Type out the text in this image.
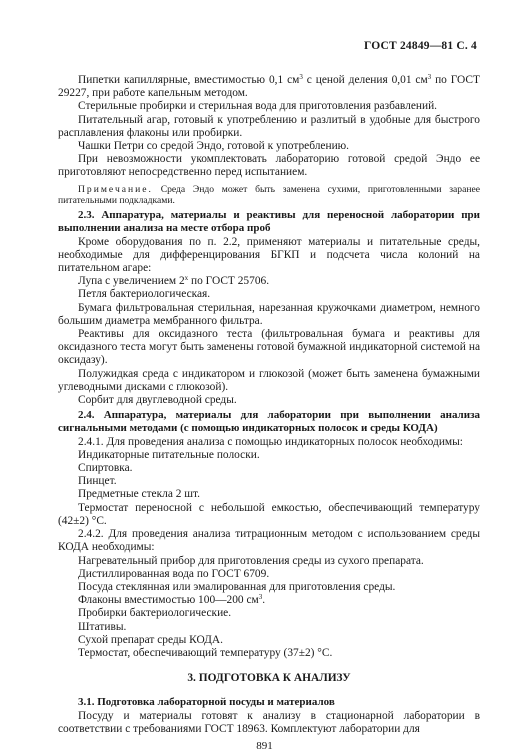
ГОСТ 24849—81 С. 4

Пипетки капиллярные, вместимостью 0,1 $см^3$ с ценой деления 0,01 $см^3$ по ГОСТ 29227, при работе капельным методом.

Стерильные пробирки и стерильная вода для приготовления разбавлений.

Питательный агар, готовый к употреблению и разлитый в удобные для быстрого расплавления флаконы или пробирки.

Чашки Петри со средой Эндо, готовой к употреблению.

При невозможности укомплектовать лабораторию готовой средой Эндо ее приготовляют непосредственно перед испытанием.

Примечание. Среда Эндо может быть заменена сухими, приготовленными заранее питательными подкладками.

2.3. Аппаратура, материалы и реактивы для переносной лаборатории при выполнении анализа на месте отбора проб

Кроме оборудования по п. 2.2, применяют материалы и питательные среды, необходимые для дифференцирования БГКП и подсчета числа колоний на питательном агаре:

Лупа с увеличением 2$^x$ по ГОСТ 25706.

Петля бактериологическая.

Бумага фильтровальная стерильная, нарезанная кружочками диаметром, немного большим диаметра мембранного фильтра.

Реактивы для оксидазного теста (фильтровальная бумага и реактивы для оксидазного теста могут быть заменены готовой бумажной индикаторной системой на оксидазу).

Полужидкая среда с индикатором и глюкозой (может быть заменена бумажными углеводными дисками с глюкозой).

Сорбит для двуглеводной среды.

2.4. Аппаратура, материалы для лаборатории при выполнении анализа сигнальными методами (с помощью индикаторных полосок и среды КОДА)

2.4.1. Для проведения анализа с помощью индикаторных полосок необходимы:

Индикаторные питательные полоски.

Спиртовка.

Пинцет.

Предметные стекла 2 шт.

Термостат переносной с небольшой емкостью, обеспечивающий температуру (42±2) °С.

2.4.2. Для проведения анализа титрационным методом с использованием среды КОДА необходимы:

Нагревательный прибор для приготовления среды из сухого препарата.

Дистиллированная вода по ГОСТ 6709.

Посуда стеклянная или эмалированная для приготовления среды.

Флаконы вместимостью 100—200 $см^3$.

Пробирки бактериологические.

Штативы.

Сухой препарат среды КОДА.

Термостат, обеспечивающий температуру (37±2) °С.

3. ПОДГОТОВКА К АНАЛИЗУ

3.1. Подготовка лабораторной посуды и материалов

Посуду и материалы готовят к анализу в стационарной лаборатории в соответствии с требованиями ГОСТ 18963. Комплектуют лаборатории для

891
